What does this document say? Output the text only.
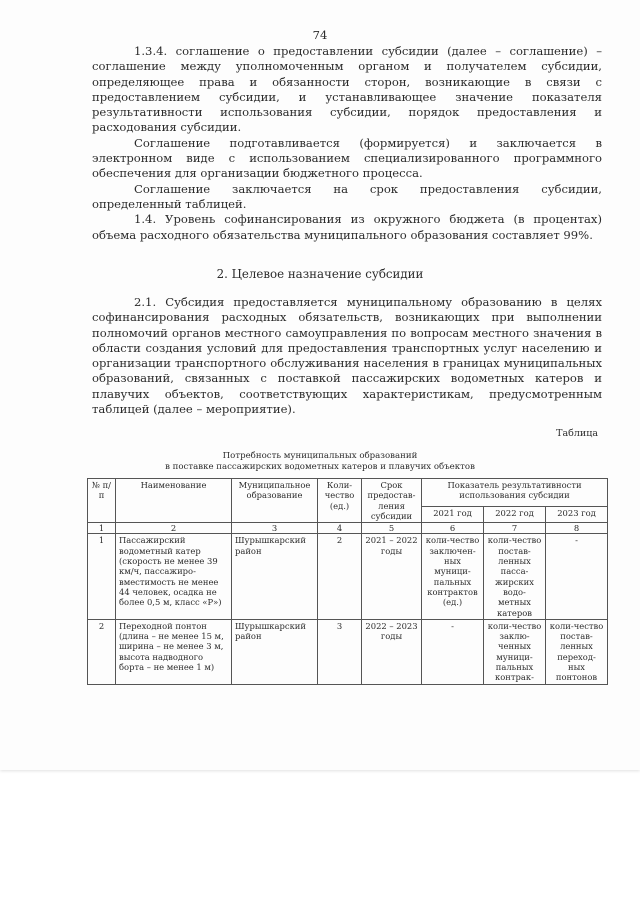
74

1.3.4. соглашение о предоставлении субсидии (далее – соглашение) – соглашение между уполномоченным органом и получателем субсидии, определяющее права и обязанности сторон, возникающие в связи с предоставлением субсидии, и устанавливающее значение показателя результативности использования субсидии, порядок предоставления и расходования субсидии.

Соглашение подготавливается (формируется) и заключается в электронном виде с использованием специализированного программного обеспечения для организации бюджетного процесса.

Соглашение заключается на срок предоставления субсидии, определенный таблицей.

1.4. Уровень софинансирования из окружного бюджета (в процентах) объема расходного обязательства муниципального образования составляет 99%.

2. Целевое назначение субсидии

2.1. Субсидия предоставляется муниципальному образованию в целях софинансирования расходных обязательств, возникающих при выполнении полномочий органов местного самоуправления по вопросам местного значения в области создания условий для предоставления транспортных услуг населению и организации транспортного обслуживания населения в границах муниципальных образований, связанных с поставкой пассажирских водометных катеров и плавучих объектов, соответствующих характеристикам, предусмотренным таблицей (далее – мероприятие).

Таблица
Потребность муниципальных образований
в поставке пассажирских водометных катеров и плавучих объектов
№ п/п	Наименование	Муниципальное образование	Коли-чество (ед.)	Срок предостав-ления субсидии	Показатель результативности использования субсидии		
					2021 год	2022 год	2023 год
1	2	3	4	5	6	7	8
1	Пассажирский водометный катер (скорость не менее 39 км/ч, пассажиро-вместимость не менее 44 человек, осадка не более 0,5 м, класс «Р»)	Шурышкарский район	2	2021 – 2022 годы	коли-чество заключен-ных муници-пальных контрактов (ед.)	коли-чество постав-ленных пасса-жирских водо-метных катеров	-
2	Переходной понтон (длина – не менее 15 м, ширина – не менее 3 м, высота надводного борта – не менее 1 м)	Шурышкарский район	3	2022 – 2023 годы	-	коли-чество заклю-ченных муници-пальных контрак-	коли-чество постав-ленных переход-ных понтонов
